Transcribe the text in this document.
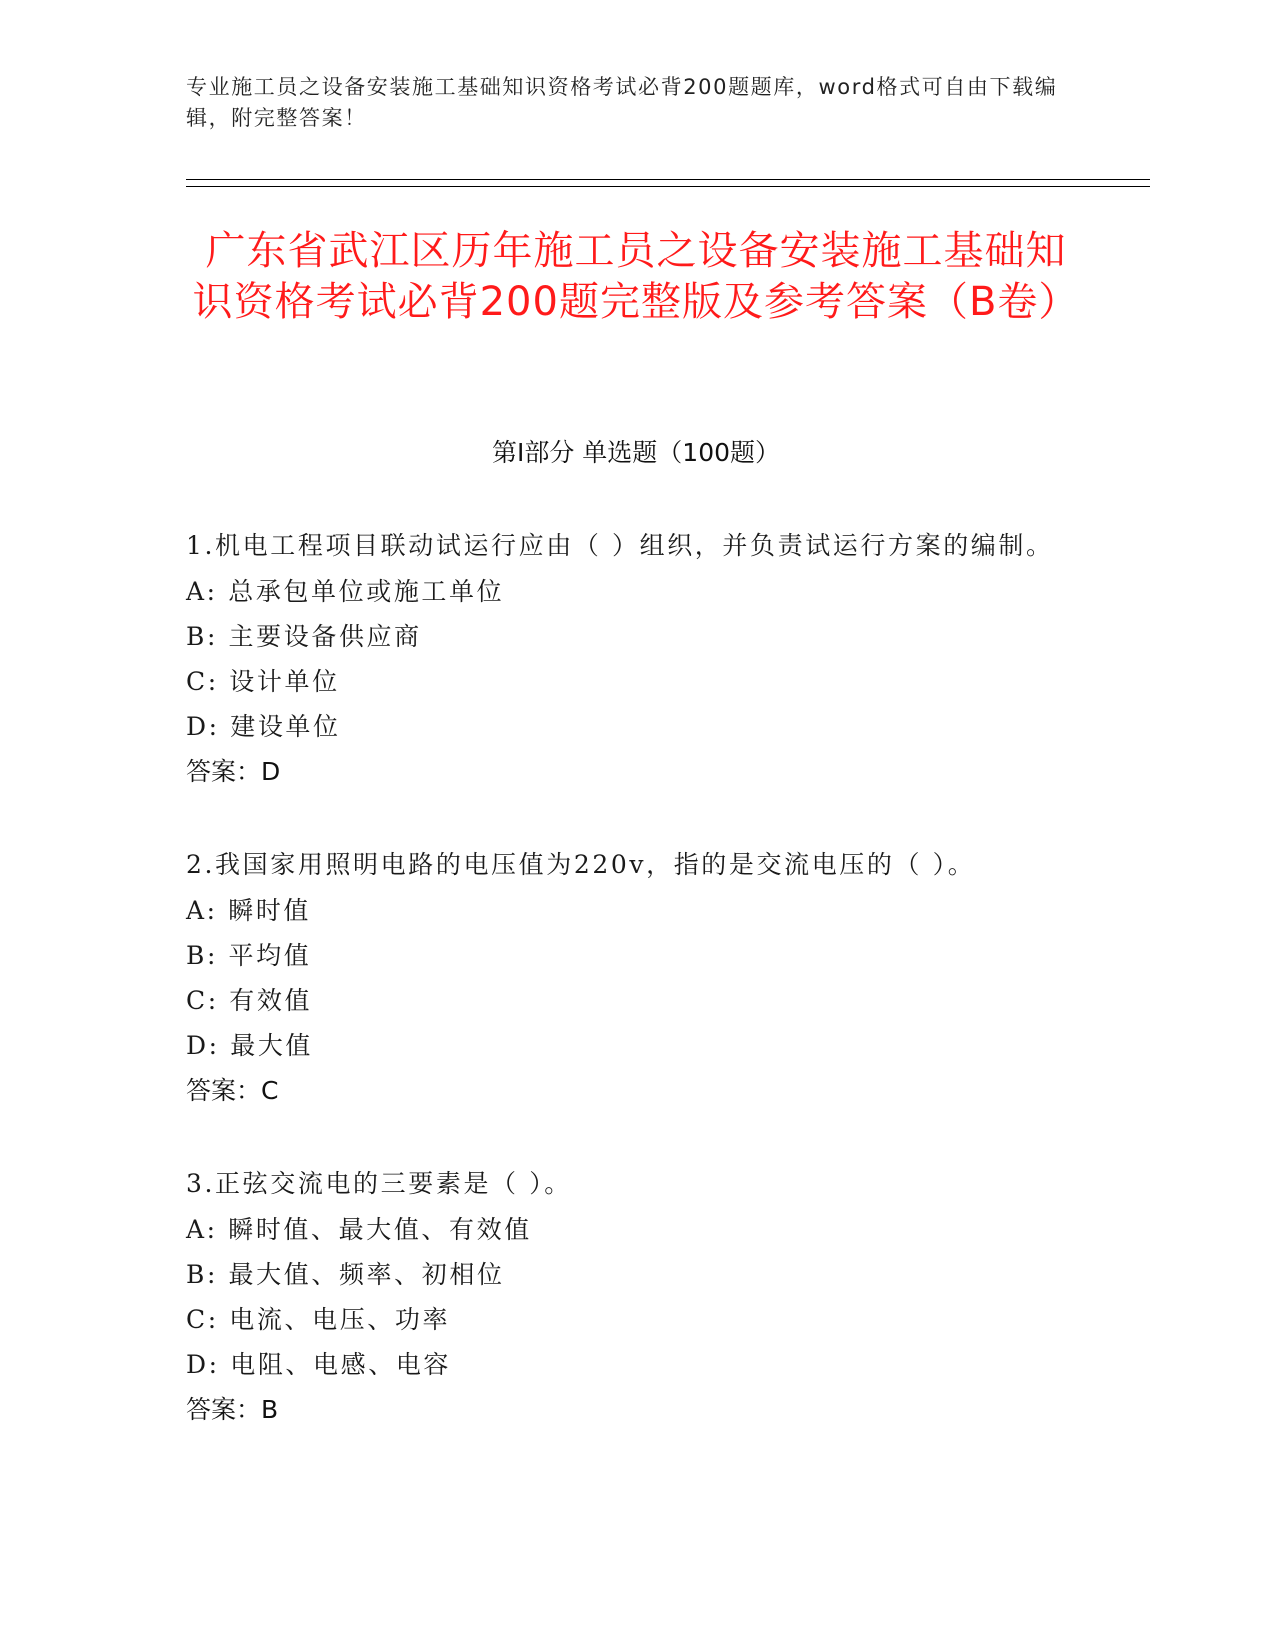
专业施工员之设备安装施工基础知识资格考试必背200题题库，word格式可自由下载编辑，附完整答案！
广东省武江区历年施工员之设备安装施工基础知识资格考试必背200题完整版及参考答案（B卷）
第Ⅰ部分 单选题（100题）
1.机电工程项目联动试运行应由（ ）组织，并负责试运行方案的编制。
A: 总承包单位或施工单位
B: 主要设备供应商
C: 设计单位
D: 建设单位
答案：D
2.我国家用照明电路的电压值为220v，指的是交流电压的（ ）。
A: 瞬时值
B: 平均值
C: 有效值
D: 最大值
答案：C
3.正弦交流电的三要素是（ ）。
A: 瞬时值、最大值、有效值
B: 最大值、频率、初相位
C: 电流、电压、功率
D: 电阻、电感、电容
答案：B
